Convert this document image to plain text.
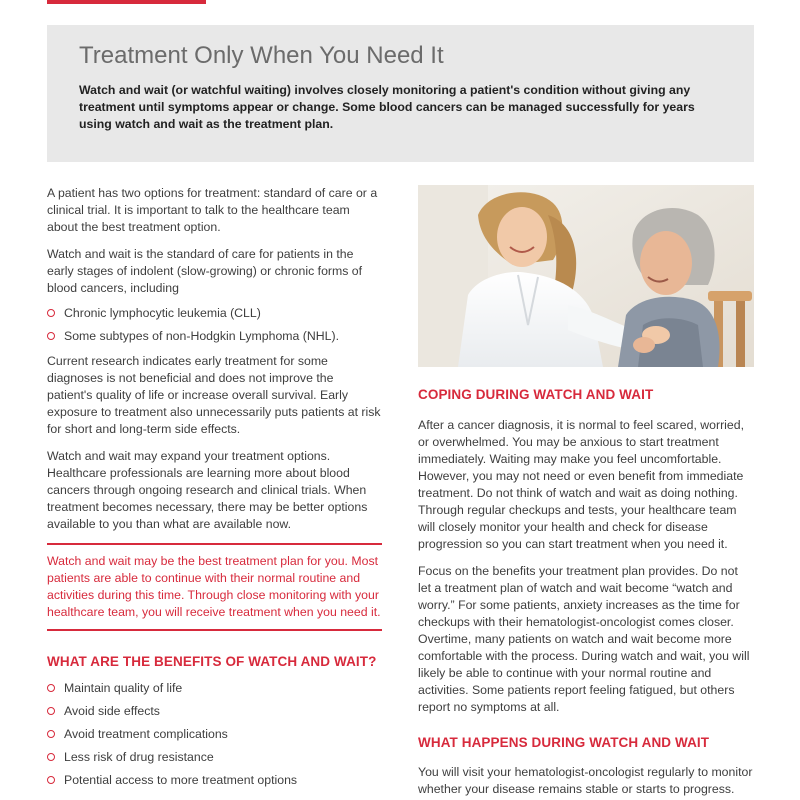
Treatment Only When You Need It

Watch and wait (or watchful waiting) involves closely monitoring a patient's condition without giving any treatment until symptoms appear or change. Some blood cancers can be managed successfully for years using watch and wait as the treatment plan.

A patient has two options for treatment: standard of care or a clinical trial. It is important to talk to the healthcare team about the best treatment option.

Watch and wait is the standard of care for patients in the early stages of indolent (slow-growing) or chronic forms of blood cancers, including

Chronic lymphocytic leukemia (CLL)
Some subtypes of non-Hodgkin Lymphoma (NHL).

Current research indicates early treatment for some diagnoses is not beneficial and does not improve the patient's quality of life or increase overall survival. Early exposure to treatment also unnecessarily puts patients at risk for short and long-term side effects.

Watch and wait may expand your treatment options. Healthcare professionals are learning more about blood cancers through ongoing research and clinical trials. When treatment becomes necessary, there may be better options available to you than what are available now.

Watch and wait may be the best treatment plan for you. Most patients are able to continue with their normal routine and activities during this time. Through close monitoring with your healthcare team, you will receive treatment when you need it.
WHAT ARE THE BENEFITS OF WATCH AND WAIT?
Maintain quality of life
Avoid side effects
Avoid treatment complications
Less risk of drug resistance
Potential access to more treatment options
COPING DURING WATCH AND WAIT

After a cancer diagnosis, it is normal to feel scared, worried, or overwhelmed. You may be anxious to start treatment immediately. Waiting may make you feel uncomfortable. However, you may not need or even benefit from immediate treatment. Do not think of watch and wait as doing nothing. Through regular checkups and tests, your healthcare team will closely monitor your health and check for disease progression so you can start treatment when you need it.

Focus on the benefits your treatment plan provides. Do not let a treatment plan of watch and wait become “watch and worry.” For some patients, anxiety increases as the time for checkups with their hematologist-oncologist comes closer. Overtime, many patients on watch and wait become more comfortable with the process. During watch and wait, you will likely be able to continue with your normal routine and activities. Some patients report feeling fatigued, but others report no symptoms at all.

WHAT HAPPENS DURING WATCH AND WAIT

You will visit your hematologist-oncologist regularly to monitor whether your disease remains stable or starts to progress.
